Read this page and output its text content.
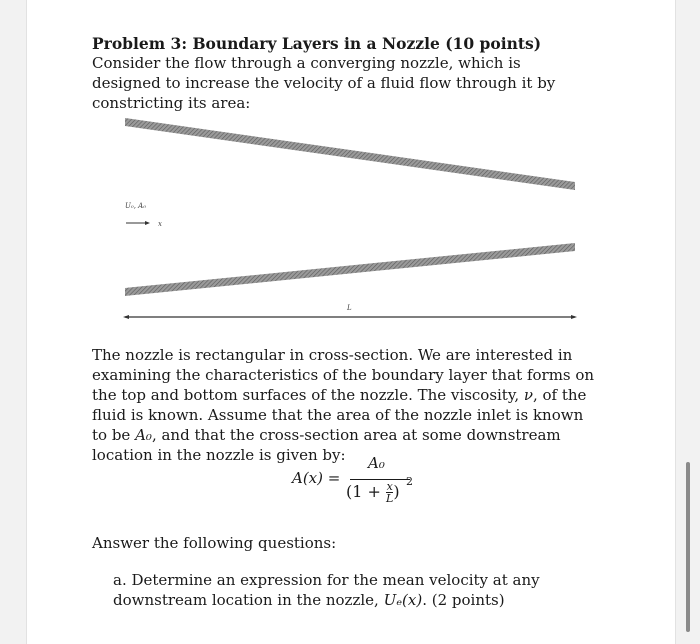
Problem 3: Boundary Layers in a Nozzle (10 points)

Consider the flow through a converging nozzle, which is designed to increase the velocity of a fluid flow through it by constricting its area:

U₀, A₀
x
L

The nozzle is rectangular in cross-section. We are interested in examining the characteristics of the boundary layer that forms on the top and bottom surfaces of the nozzle. The viscosity, ν, of the fluid is known. Assume that the area of the nozzle inlet is known to be A₀, and that the cross-section area at some downstream location in the nozzle is given by:

A(x) =
A₀
($1 + \frac{x}{L}$ )
2

Answer the following questions:

a. Determine an expression for the mean velocity at any downstream location in the nozzle, Uₑ(x). (2 points)
